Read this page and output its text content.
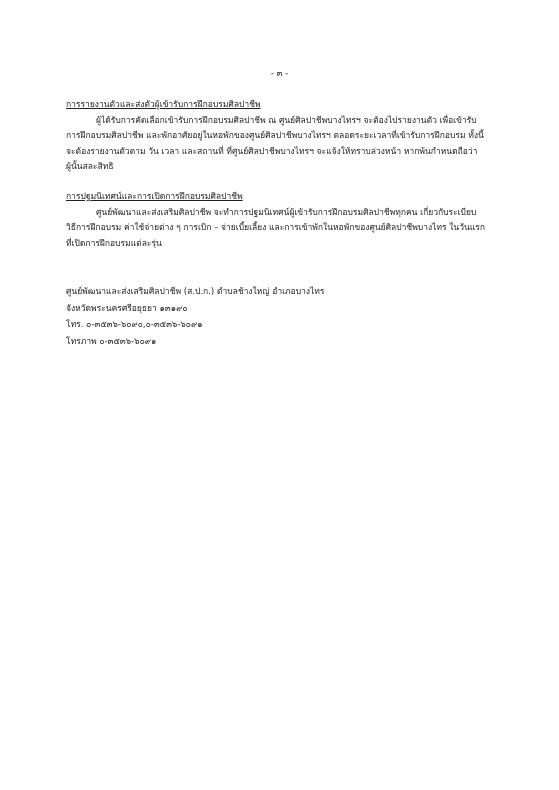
- ๓ -
การรายงานตัวและส่งตัวผู้เข้ารับการฝึกอบรมศิลปาชีพ

ผู้ได้รับการคัดเลือกเข้ารับการฝึกอบรมศิลปาชีพ ณ ศูนย์ศิลปาชีพบางไทรฯ จะต้องไปรายงานตัว เพื่อเข้ารับ

การฝึกอบรมศิลปาชีพ และพักอาศัยอยู่ในหอพักของศูนย์ศิลปาชีพบางไทรฯ ตลอดระยะเวลาที่เข้ารับการฝึกอบรม ทั้งนี้

จะต้องรายงานตัวตาม วัน เวลา และสถานที่ ที่ศูนย์ศิลปาชีพบางไทรฯ จะแจ้งให้ทราบล่วงหน้า หากพ้นกำหนดถือว่า

ผู้นั้นสละสิทธิ

การปฐมนิเทศน์และการเปิดการฝึกอบรมศิลปาชีพ

ศูนย์พัฒนาและส่งเสริมศิลปาชีพ จะทำการปฐมนิเทศน์ผู้เข้ารับการฝึกอบรมศิลปาชีพทุกคน เกี่ยวกับระเบียบ

วิธีการฝึกอบรม ค่าใช้จ่ายต่าง ๆ การเบิก – จ่ายเบี้ยเลี้ยง และการเข้าพักในหอพักของศูนย์ศิลปาชีพบางไทร ในวันแรก

ที่เปิดการฝึกอบรมแต่ละรุ่น

ศูนย์พัฒนาและส่งเสริมศิลปาชีพ (ส.ป.ก.) ตำบลช้างใหญ่ อำเภอบางไทร
จังหวัดพระนครศรีอยุธยา ๑๓๑๙๐
โทร. ๐-๓๕๓๖-๖๐๙๐,๐-๓๕๓๖-๖๐๙๑
โทรภาพ ๐-๓๕๓๖-๖๐๙๑
